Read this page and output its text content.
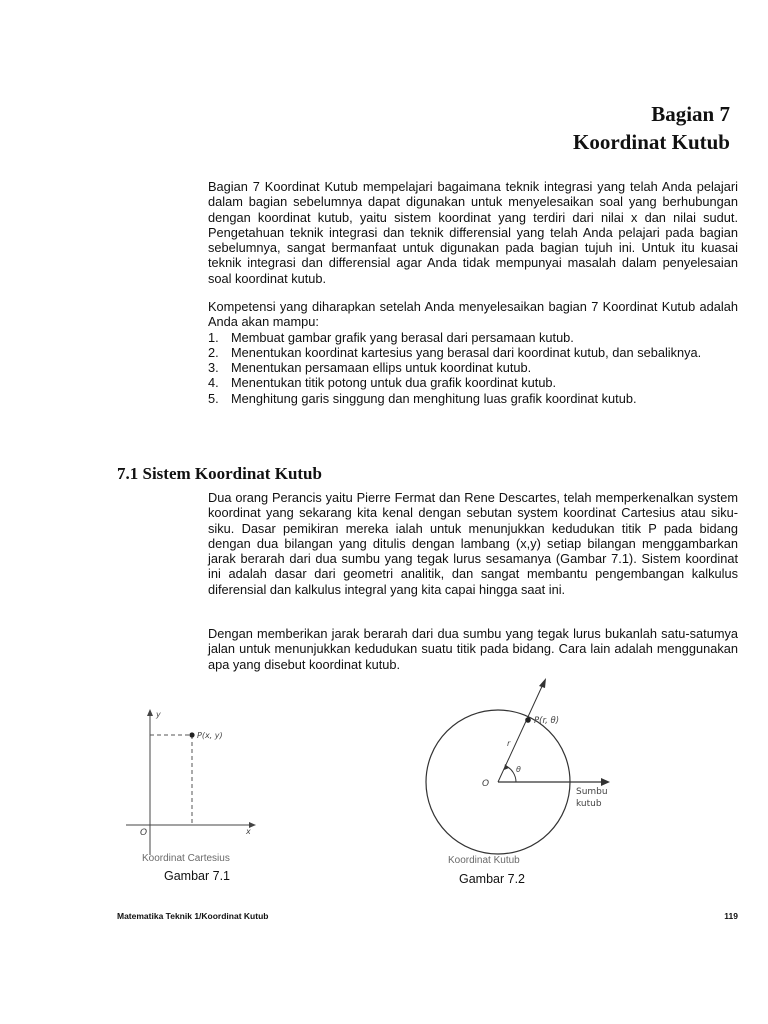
Bagian 7
Koordinat Kutub
Bagian 7 Koordinat Kutub mempelajari bagaimana teknik integrasi yang telah Anda pelajari dalam bagian sebelumnya dapat digunakan untuk menyelesaikan soal yang berhubungan dengan koordinat kutub, yaitu sistem koordinat yang terdiri dari nilai x dan nilai sudut. Pengetahuan teknik integrasi dan teknik differensial yang telah Anda pelajari pada bagian sebelumnya, sangat bermanfaat untuk digunakan pada bagian tujuh ini. Untuk itu kuasai teknik integrasi dan differensial agar Anda tidak mempunyai masalah dalam penyelesaian soal koordinat kutub.
Kompetensi yang diharapkan setelah Anda menyelesaikan bagian 7 Koordinat Kutub adalah Anda akan mampu:
1. Membuat gambar grafik yang berasal dari persamaan kutub.
2. Menentukan koordinat kartesius yang berasal dari koordinat kutub, dan sebaliknya.
3. Menentukan persamaan ellips untuk koordinat kutub.
4. Menentukan titik potong untuk dua grafik koordinat kutub.
5. Menghitung garis singgung dan menghitung luas grafik koordinat kutub.
7.1 Sistem Koordinat Kutub
Dua orang Perancis yaitu Pierre Fermat dan Rene Descartes, telah memperkenalkan system koordinat yang sekarang kita kenal dengan sebutan system koordinat Cartesius atau siku-siku. Dasar pemikiran mereka ialah untuk menunjukkan kedudukan titik P pada bidang dengan dua bilangan yang ditulis dengan lambang (x,y) setiap bilangan menggambarkan jarak berarah dari dua sumbu yang tegak lurus sesamanya (Gambar 7.1). Sistem koordinat ini adalah dasar dari geometri analitik, dan sangat membantu pengembangan kalkulus diferensial dan kalkulus integral yang kita capai hingga saat ini.
Dengan memberikan jarak berarah dari dua sumbu yang tegak lurus bukanlah satu-satumya jalan untuk menunjukkan kedudukan suatu titik pada bidang. Cara lain adalah menggunakan apa yang disebut koordinat kutub.
y
x
O
P(x, y)
Koordinat Cartesius
Gambar 7.1
P(r, θ)
r
θ
O
Sumbu
kutub
Koordinat Kutub
Gambar 7.2
Matematika Teknik 1/Koordinat Kutub	119
